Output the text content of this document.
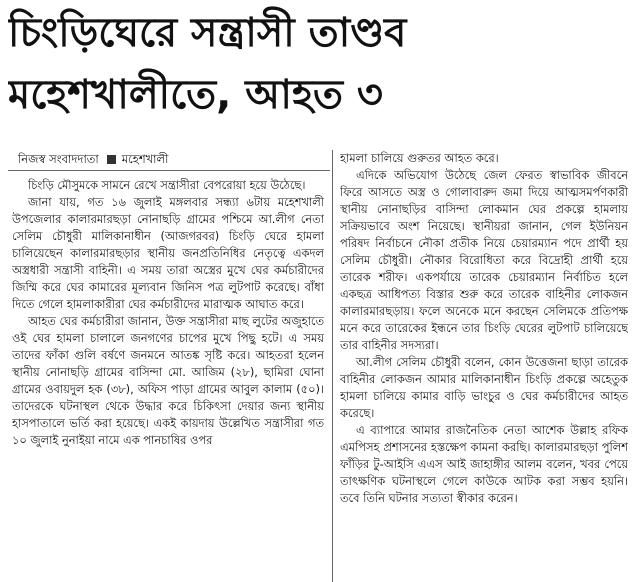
চিংড়িঘেরে সন্ত্রাসী তাণ্ডব
মহেশখালীতে, আহত ৩
নিজস্ব সংবাদদাতা মহেশখালী

চিংড়ি মৌসুমকে সামনে রেখে সন্ত্রাসীরা বেপরোয়া হয়ে উঠেছে।

জানা যায়, গত ১৬ জুলাই মঙ্গলবার সন্ধ্যা ৬টায় মহেশখালী উপজেলার কালারমারছড়া নোনাছড়ি গ্রামের পশ্চিমে আ.লীগ নেতা সেলিম চৌধুরী মালিকানাধীন (আজগরবর) চিংড়ি ঘেরে হামলা চালিয়েছেন কালারমারছড়ার স্থানীয় জনপ্রতিনিধির নেতৃত্বে একদল অস্ত্রধারী সন্ত্রাসী বাহিনী। এ সময় তারা অস্ত্রের মুখে ঘের কর্মচারীদের জিম্মি করে ঘের কামারের মূল্যবান জিনিস পত্র লুটপাট করেছে। বাঁধা দিতে গেলে হামলাকারীরা ঘের কর্মচারীদের মারাত্মক আঘাত করে।

আহত ঘের কর্মচারীরা জানান, উক্ত সন্ত্রাসীরা মাছ লুটের অজুহাতে ওই ঘের হামলা চালালে জনগণের চাপের মুখে পিছু হটে। এ সময় তাদের ফাঁকা গুলি বর্ষণে জনমনে আতঙ্ক সৃষ্টি করে। আহতরা হলেন স্থানীয় নোনাছড়ি গ্রামের বাসিন্দা মো. আজিম (২৮), ছামিরা ঘোনা গ্রামের ওবায়দুল হক (৩৮), অফিস পাড়া গ্রামের আবুল কালাম (৫০)। তাদেরকে ঘটনাস্থল থেকে উদ্ধার করে চিকিৎসা দেয়ার জন্য স্থানীয় হাসপাতালে ভর্তি করা হয়েছে। একই কায়দায় উল্লেখিত সন্ত্রাসীরা গত ১০ জুলাই নুনাইয়া নামে এক পানচাষির ওপর

হামলা চালিয়ে গুরুতর আহত করে।

এদিকে অভিযোগ উঠেছে জেল ফেরত স্বাভাবিক জীবনে ফিরে আসতে অস্ত্র ও গোলাবারুদ জমা দিয়ে আত্মসমর্পণকারী স্থানীয় নোনাছড়ির বাসিন্দা লোকমান ঘের প্রকল্পে হামলায় সক্রিয়ভাবে অংশ নিয়েছে। স্থানীয়রা জানান, গেল ইউনিয়ন পরিষদ নির্বাচনে নৌকা প্রতীক নিয়ে চেয়ারম্যান পদে প্রার্থী হয় সেলিম চৌধুরী। নৌকার বিরোধিতা করে বিদ্রোহী প্রার্থী হয়ে তারেক শরীফ। একপর্যায়ে তারেক চেয়ারম্যান নির্বাচিত হলে একছত্র আধিপত্য বিস্তার শুরু করে তারেক বাহিনীর লোকজন কালারমারছড়ায়। ফলে অনেকে মনে করছেন সেলিমকে প্রতিপক্ষ মনে করে তারেকের ইন্ধনে তার চিংড়ি ঘেরের লুটপাট চালিয়েছে তার বাহিনীর সদস্যরা।

আ.লীগ সেলিম চৌধুরী বলেন, কোন উত্তেজনা ছাড়া তারেক বাহিনীর লোকজন আমার মালিকানাধীন চিংড়ি প্রকল্পে অহেতুক হামলা চালিয়ে কামার বাড়ি ভাংচুর ও ঘের কর্মচারীদের আহত করেছে।

এ ব্যাপারে আমার রাজনৈতিক নেতা আশেক উল্লাহ রফিক এমপিসহ প্রশাসনের হস্তক্ষেপ কামনা করছি। কালারমারছড়া পুলিশ ফাঁড়ির টু-আইসি এএস আই জাহাঙ্গীর আলম বলেন, খবর পেয়ে তাৎক্ষণিক ঘটনাস্থলে গেলে কাউকে আটক করা সম্ভব হয়নি। তবে তিনি ঘটনার সত্যতা স্বীকার করেন।
